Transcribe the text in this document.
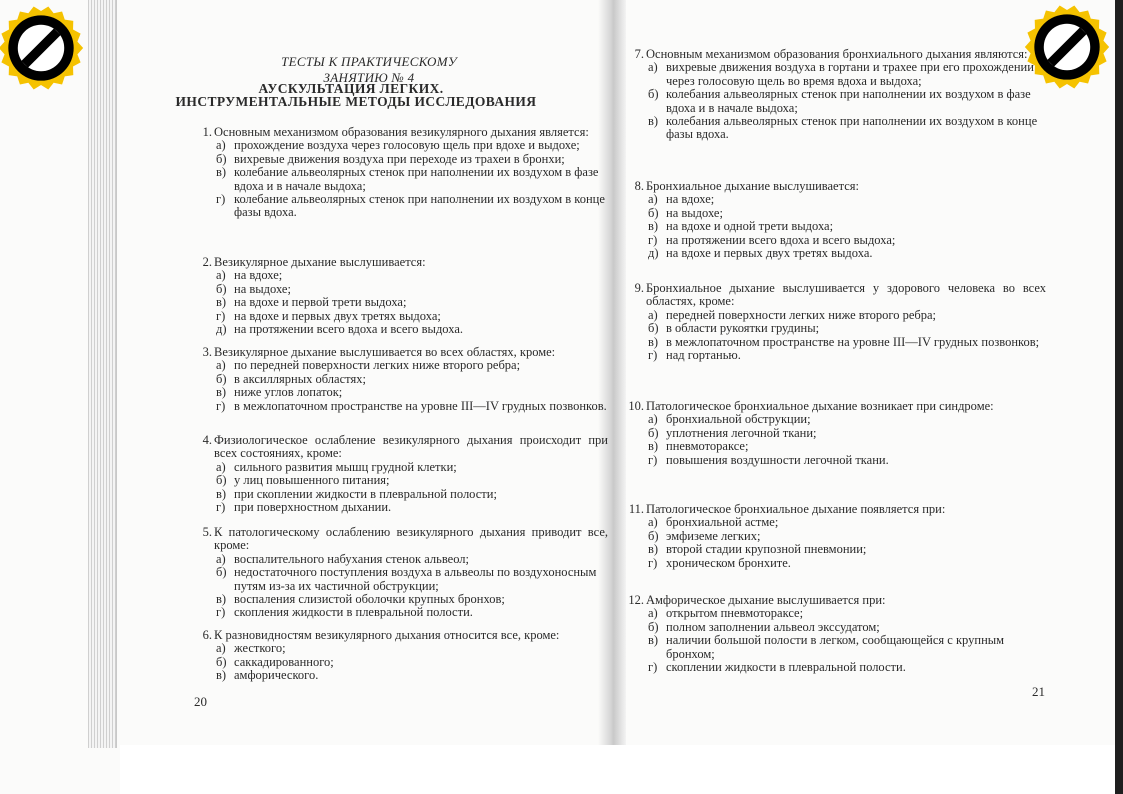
ТЕСТЫ К ПРАКТИЧЕСКОМУ ЗАНЯТИЮ № 4
АУСКУЛЬТАЦИЯ ЛЕГКИХ.
ИНСТРУМЕНТАЛЬНЫЕ МЕТОДЫ ИССЛЕДОВАНИЯ
1. Основным механизмом образования везикулярного дыхания является:
а) прохождение воздуха через голосовую щель при вдохе и выдохе;
б) вихревые движения воздуха при переходе из трахеи в бронхи;
в) колебание альвеолярных стенок при наполнении их воздухом в фазе вдоха и в начале выдоха;
г) колебание альвеолярных стенок при наполнении их воздухом в конце фазы вдоха.
2. Везикулярное дыхание выслушивается:
а) на вдохе;
б) на выдохе;
в) на вдохе и первой трети выдоха;
г) на вдохе и первых двух третях выдоха;
д) на протяжении всего вдоха и всего выдоха.
3. Везикулярное дыхание выслушивается во всех областях, кроме:
а) по передней поверхности легких ниже второго ребра;
б) в аксиллярных областях;
в) ниже углов лопаток;
г) в межлопаточном пространстве на уровне III—IV грудных позвонков.
4. Физиологическое ослабление везикулярного дыхания происходит при всех состояниях, кроме:
а) сильного развития мышц грудной клетки;
б) у лиц повышенного питания;
в) при скоплении жидкости в плевральной полости;
г) при поверхностном дыхании.
5. К патологическому ослаблению везикулярного дыхания приводит все, кроме:
а) воспалительного набухания стенок альвеол;
б) недостаточного поступления воздуха в альвеолы по воздухоносным путям из-за их частичной обструкции;
в) воспаления слизистой оболочки крупных бронхов;
г) скопления жидкости в плевральной полости.
6. К разновидностям везикулярного дыхания относится все, кроме:
а) жесткого;
б) саккадированного;
в) амфорического.
20
7. Основным механизмом образования бронхиального дыхания являются:
а) вихревые движения воздуха в гортани и трахее при его прохождении через голосовую щель во время вдоха и выдоха;
б) колебания альвеолярных стенок при наполнении их воздухом в фазе вдоха и в начале выдоха;
в) колебания альвеолярных стенок при наполнении их воздухом в конце фазы вдоха.
8. Бронхиальное дыхание выслушивается:
а) на вдохе;
б) на выдохе;
в) на вдохе и одной трети выдоха;
г) на протяжении всего вдоха и всего выдоха;
д) на вдохе и первых двух третях выдоха.
9. Бронхиальное дыхание выслушивается у здорового человека во всех областях, кроме:
а) передней поверхности легких ниже второго ребра;
б) в области рукоятки грудины;
в) в межлопаточном пространстве на уровне III—IV грудных позвонков;
г) над гортанью.
10. Патологическое бронхиальное дыхание возникает при синдроме:
а) бронхиальной обструкции;
б) уплотнения легочной ткани;
в) пневмотораксе;
г) повышения воздушности легочной ткани.
11. Патологическое бронхиальное дыхание появляется при:
а) бронхиальной астме;
б) эмфиземе легких;
в) второй стадии крупозной пневмонии;
г) хроническом бронхите.
12. Амфорическое дыхание выслушивается при:
а) открытом пневмотораксе;
б) полном заполнении альвеол экссудатом;
в) наличии большой полости в легком, сообщающейся с крупным бронхом;
г) скоплении жидкости в плевральной полости.
21
